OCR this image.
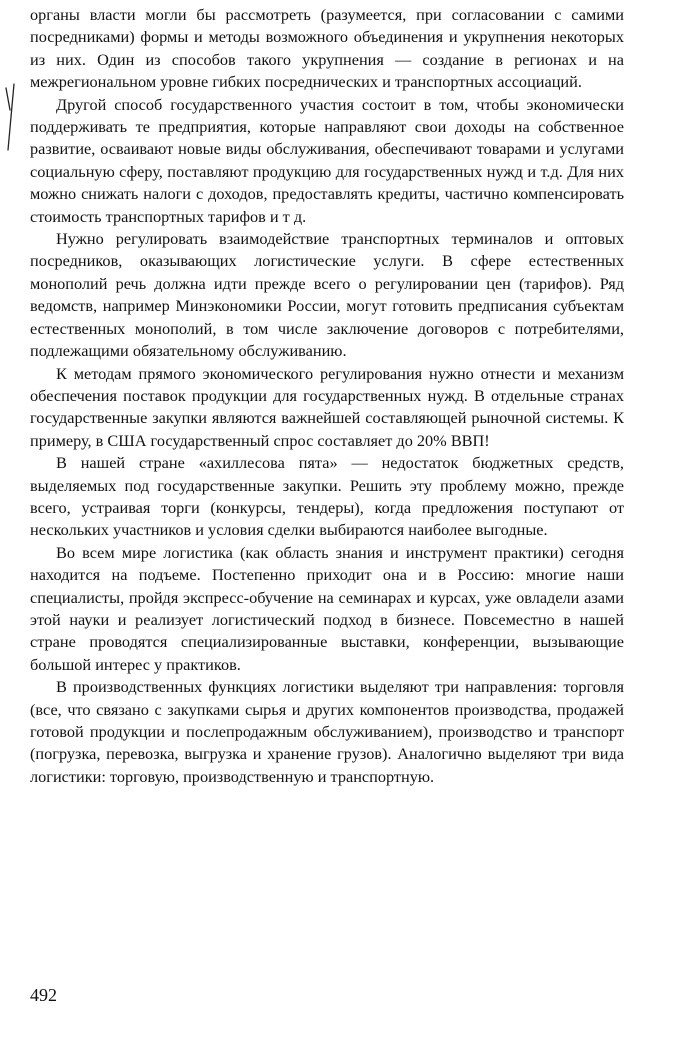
органы власти могли бы рассмотреть (разумеется, при согласовании с самими посредниками) формы и методы возможного объединения и укрупнения некоторых из них. Один из способов такого укрупнения — создание в регионах и на межрегиональном уровне гибких посреднических и транспортных ассоциаций.

Другой способ государственного участия состоит в том, чтобы экономически поддерживать те предприятия, которые направляют свои доходы на собственное развитие, осваивают новые виды обслуживания, обеспечивают товарами и услугами социальную сферу, поставляют продукцию для государственных нужд и т.д. Для них можно снижать налоги с доходов, предоставлять кредиты, частично компенсировать стоимость транспортных тарифов и т д.

Нужно регулировать взаимодействие транспортных терминалов и оптовых посредников, оказывающих логистические услуги. В сфере естественных монополий речь должна идти прежде всего о регулировании цен (тарифов). Ряд ведомств, например Минэкономики России, могут готовить предписания субъектам естественных монополий, в том числе заключение договоров с потребителями, подлежащими обязательному обслуживанию.

К методам прямого экономического регулирования нужно отнести и механизм обеспечения поставок продукции для государственных нужд. В отдельные странах государственные закупки являются важнейшей составляющей рыночной системы. К примеру, в США государственный спрос составляет до 20% ВВП!

В нашей стране «ахиллесова пята» — недостаток бюджетных средств, выделяемых под государственные закупки. Решить эту проблему можно, прежде всего, устраивая торги (конкурсы, тендеры), когда предложения поступают от нескольких участников и условия сделки выбираются наиболее выгодные.

Во всем мире логистика (как область знания и инструмент практики) сегодня находится на подъеме. Постепенно приходит она и в Россию: многие наши специалисты, пройдя экспресс-обучение на семинарах и курсах, уже овладели азами этой науки и реализует логистический подход в бизнесе. Повсеместно в нашей стране проводятся специализированные выставки, конференции, вызывающие большой интерес у практиков.

В производственных функциях логистики выделяют три направления: торговля (все, что связано с закупками сырья и других компонентов производства, продажей готовой продукции и послепродажным обслуживанием), производство и транспорт (погрузка, перевозка, выгрузка и хранение грузов). Аналогично выделяют три вида логистики: торговую, производственную и транспортную.

492
